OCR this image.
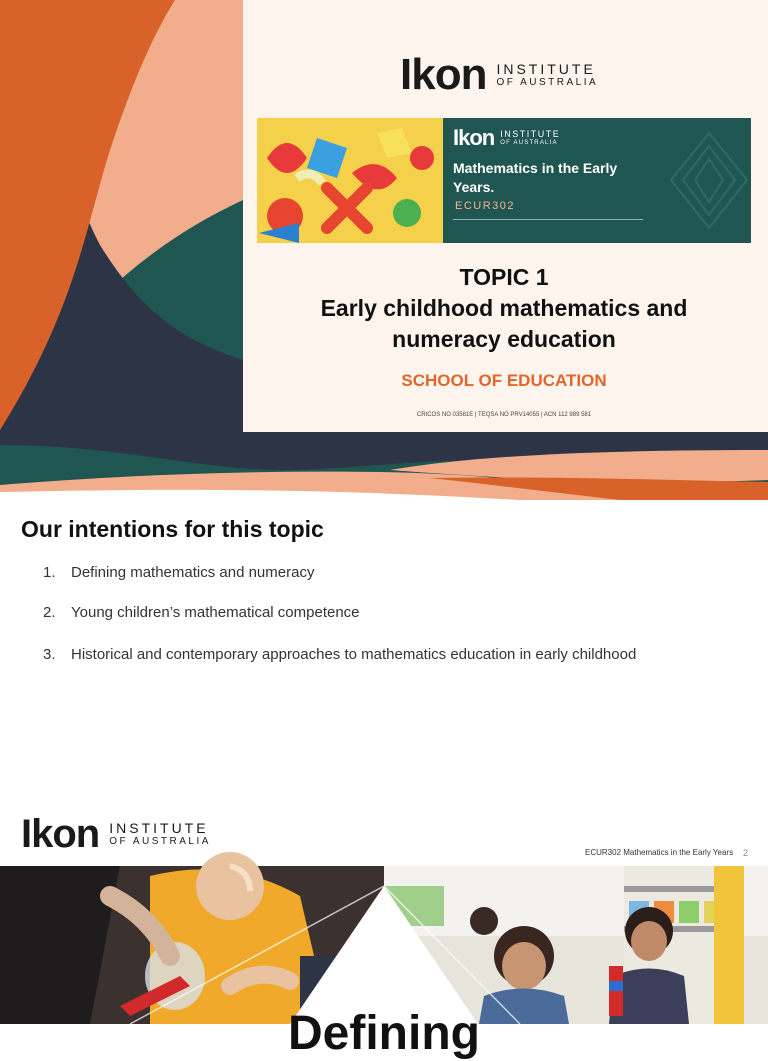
Ikon INSTITUTE
OF AUSTRALIA
Ikon INSTITUTE
OF AUSTRALIA
Mathematics in the Early Years.
ECUR302
TOPIC 1
Early childhood mathematics and
numeracy education
SCHOOL OF EDUCATION
CRICOS NO 03581E | TEQSA NO PRV14055 | ACN 112 989 581
Our intentions for this topic
1. Defining mathematics and numeracy
2. Young children’s mathematical competence
3. Historical and contemporary approaches to mathematics education in early childhood
Ikon INSTITUTE
OF AUSTRALIA
ECUR302 Mathematics in the Early Years 2
Defining
